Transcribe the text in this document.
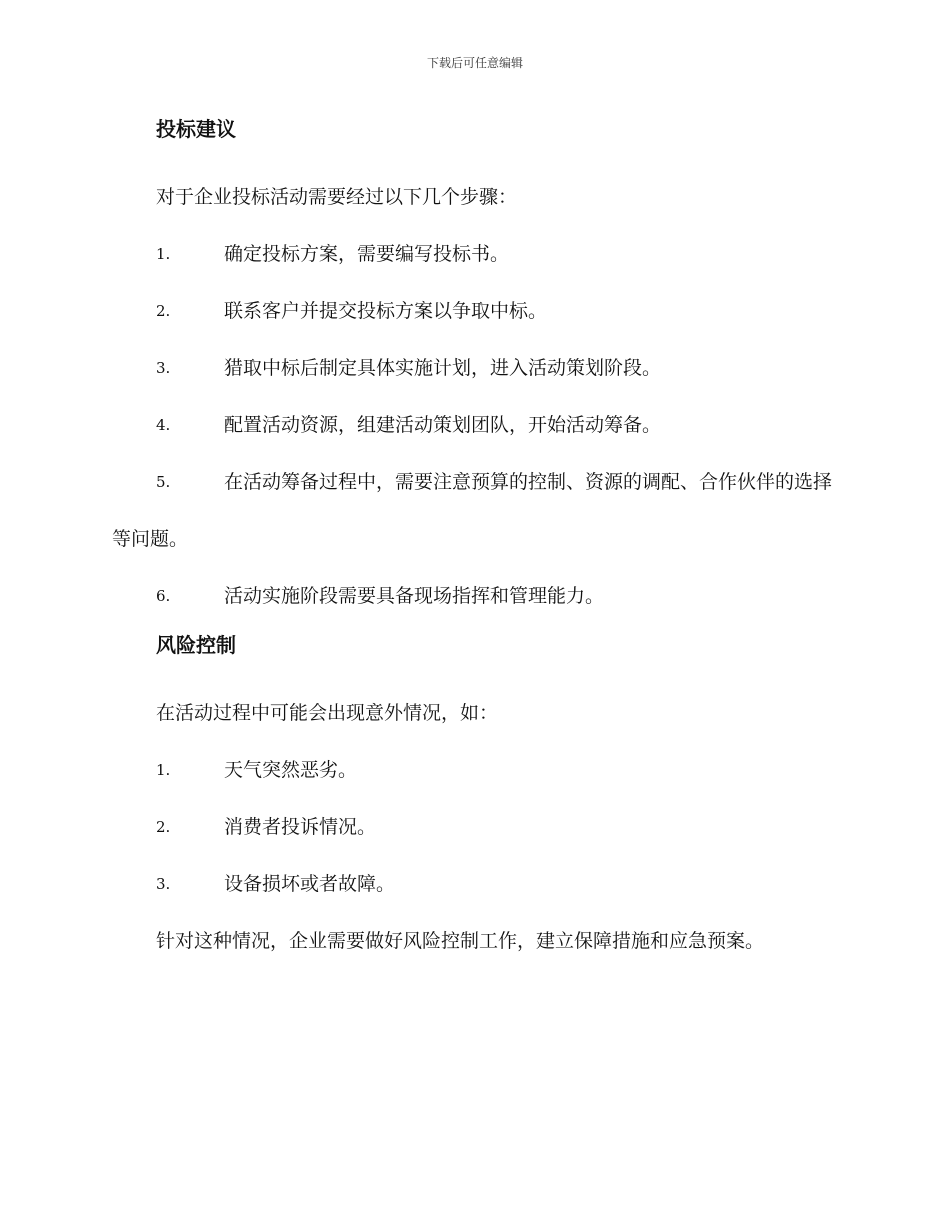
下载后可任意编辑
投标建议

对于企业投标活动需要经过以下几个步骤：

1.	确定投标方案，需要编写投标书。
2.	联系客户并提交投标方案以争取中标。
3.	猎取中标后制定具体实施计划，进入活动策划阶段。
4.	配置活动资源，组建活动策划团队，开始活动筹备。
5.	在活动筹备过程中，需要注意预算的控制、资源的调配、合作伙伴的选择等问题。
6.	活动实施阶段需要具备现场指挥和管理能力。
风险控制

在活动过程中可能会出现意外情况，如：

1.	天气突然恶劣。
2.	消费者投诉情况。
3.	设备损坏或者故障。

针对这种情况，企业需要做好风险控制工作，建立保障措施和应急预案。
